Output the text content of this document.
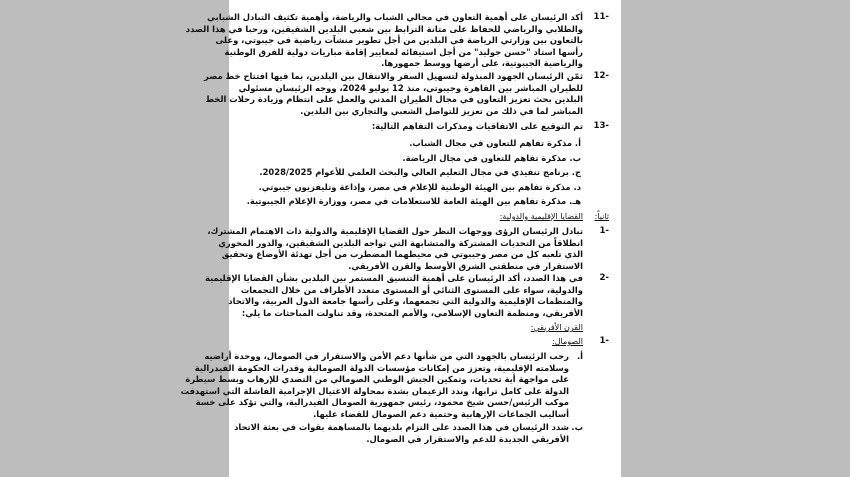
11-
أكد الرئيسان على أهمية التعاون في مجالي الشباب والرياضة، وأهمية تكثيف التبادل الشبابي
والطلابي والرياضي للحفاظ على متانة الترابط بين شعبي البلدين الشقيقين، ورحبا في هذا الصدد
بالتعاون بين وزارتي الرياضة في البلدين من أجل تطوير منشآت رياضية في جيبوتي، وعلى
رأسها استاد "حسن جوليد" من أجل استيفائه لمعايير إقامة مباريات دولية للفرق الوطنية
والرياضية الجيبوتية، على أرضها ووسط جمهورها.
12-
ثمّن الرئيسان الجهود المبذولة لتسهيل السفر والانتقال بين البلدين، بما فيها افتتاح خط مصر
للطيران المباشر بين القاهرة وجيبوتي، منذ 12 يوليو 2024، ووجه الرئيسان مسئولي
البلدين بحث تعزيز التعاون في مجال الطيران المدني والعمل على انتظام وزيادة رحلات الخط
المباشر لما في ذلك من تعزيز للتواصل الشعبي والتجاري بين البلدين.
13-
تم التوقيع على الاتفاقيات ومذكرات التفاهم التالية:
أ. مذكرة تفاهم للتعاون في مجال الشباب.
ب. مذكرة تفاهم للتعاون في مجال الرياضة.
ج. برنامج تنفيذي في مجال التعليم العالي والبحث العلمي للأعوام 2028/2025.
د. مذكرة تفاهم بين الهيئة الوطنية للإعلام في مصر، وإذاعة وتليفزيون جيبوتي.
هـ. مذكرة تفاهم بين الهيئة العامة للاستعلامات في مصر، ووزارة الإعلام الجيبوتية.
ثانياً:
القضايا الإقليمية والدولية:
1-
تبادل الرئيسان الرؤى ووجهات النظر حول القضايا الإقليمية والدولية ذات الاهتمام المشترك،
انطلاقاً من التحديات المشتركة والمتشابهة التي تواجه البلدين الشقيقين، والدور المحوري
الذي تلعبه كل من مصر وجيبوتي في محيطهما المضطرب من أجل تهدئة الأوضاع وتحقيق
الاستقرار في منطقتي الشرق الأوسط والقرن الأفريقي.
2-
في هذا الصدد، أكد الرئيسان على أهمية التنسيق المستمر بين البلدين بشأن القضايا الإقليمية
والدولية، سواء على المستوى الثنائي أو المستوى متعدد الأطراف من خلال التجمعات
والمنظمات الإقليمية والدولية التي تجمعهما، وعلى رأسها جامعة الدول العربية، والاتحاد
الأفريقي، ومنظمة التعاون الإسلامي، والأمم المتحدة، وقد تناولت المباحثات ما يلي:
القرن الأفريقي:
1-
الصومال:
أ.
رحب الرئيسان بالجهود التي من شأنها دعم الأمن والاستقرار في الصومال، ووحدة أراضيه
وسلامته الإقليمية، وتعزز من إمكانات مؤسسات الدولة الصومالية وقدرات الحكومة الفيدرالية
على مواجهة أية تحديات، وتمكين الجيش الوطني الصومالي من التصدي للإرهاب وبسط سيطرة
الدولة على كامل ترابها، وندد الزعيمان بشدة بمحاولة الاغتيال الإجرامية الفاشلة التي استهدفت
موكب الرئيس/حسن شيخ محمود، رئيس جمهورية الصومال الفيدرالية، والتي تؤكد على خسة
أساليب الجماعات الإرهابية وحتمية دعم الصومال للقضاء عليها.
ب.
شدد الرئيسان في هذا الصدد على التزام بلديهما بالمساهمة بقوات في بعثة الاتحاد
الأفريقي الجديدة للدعم والاستقرار في الصومال.
